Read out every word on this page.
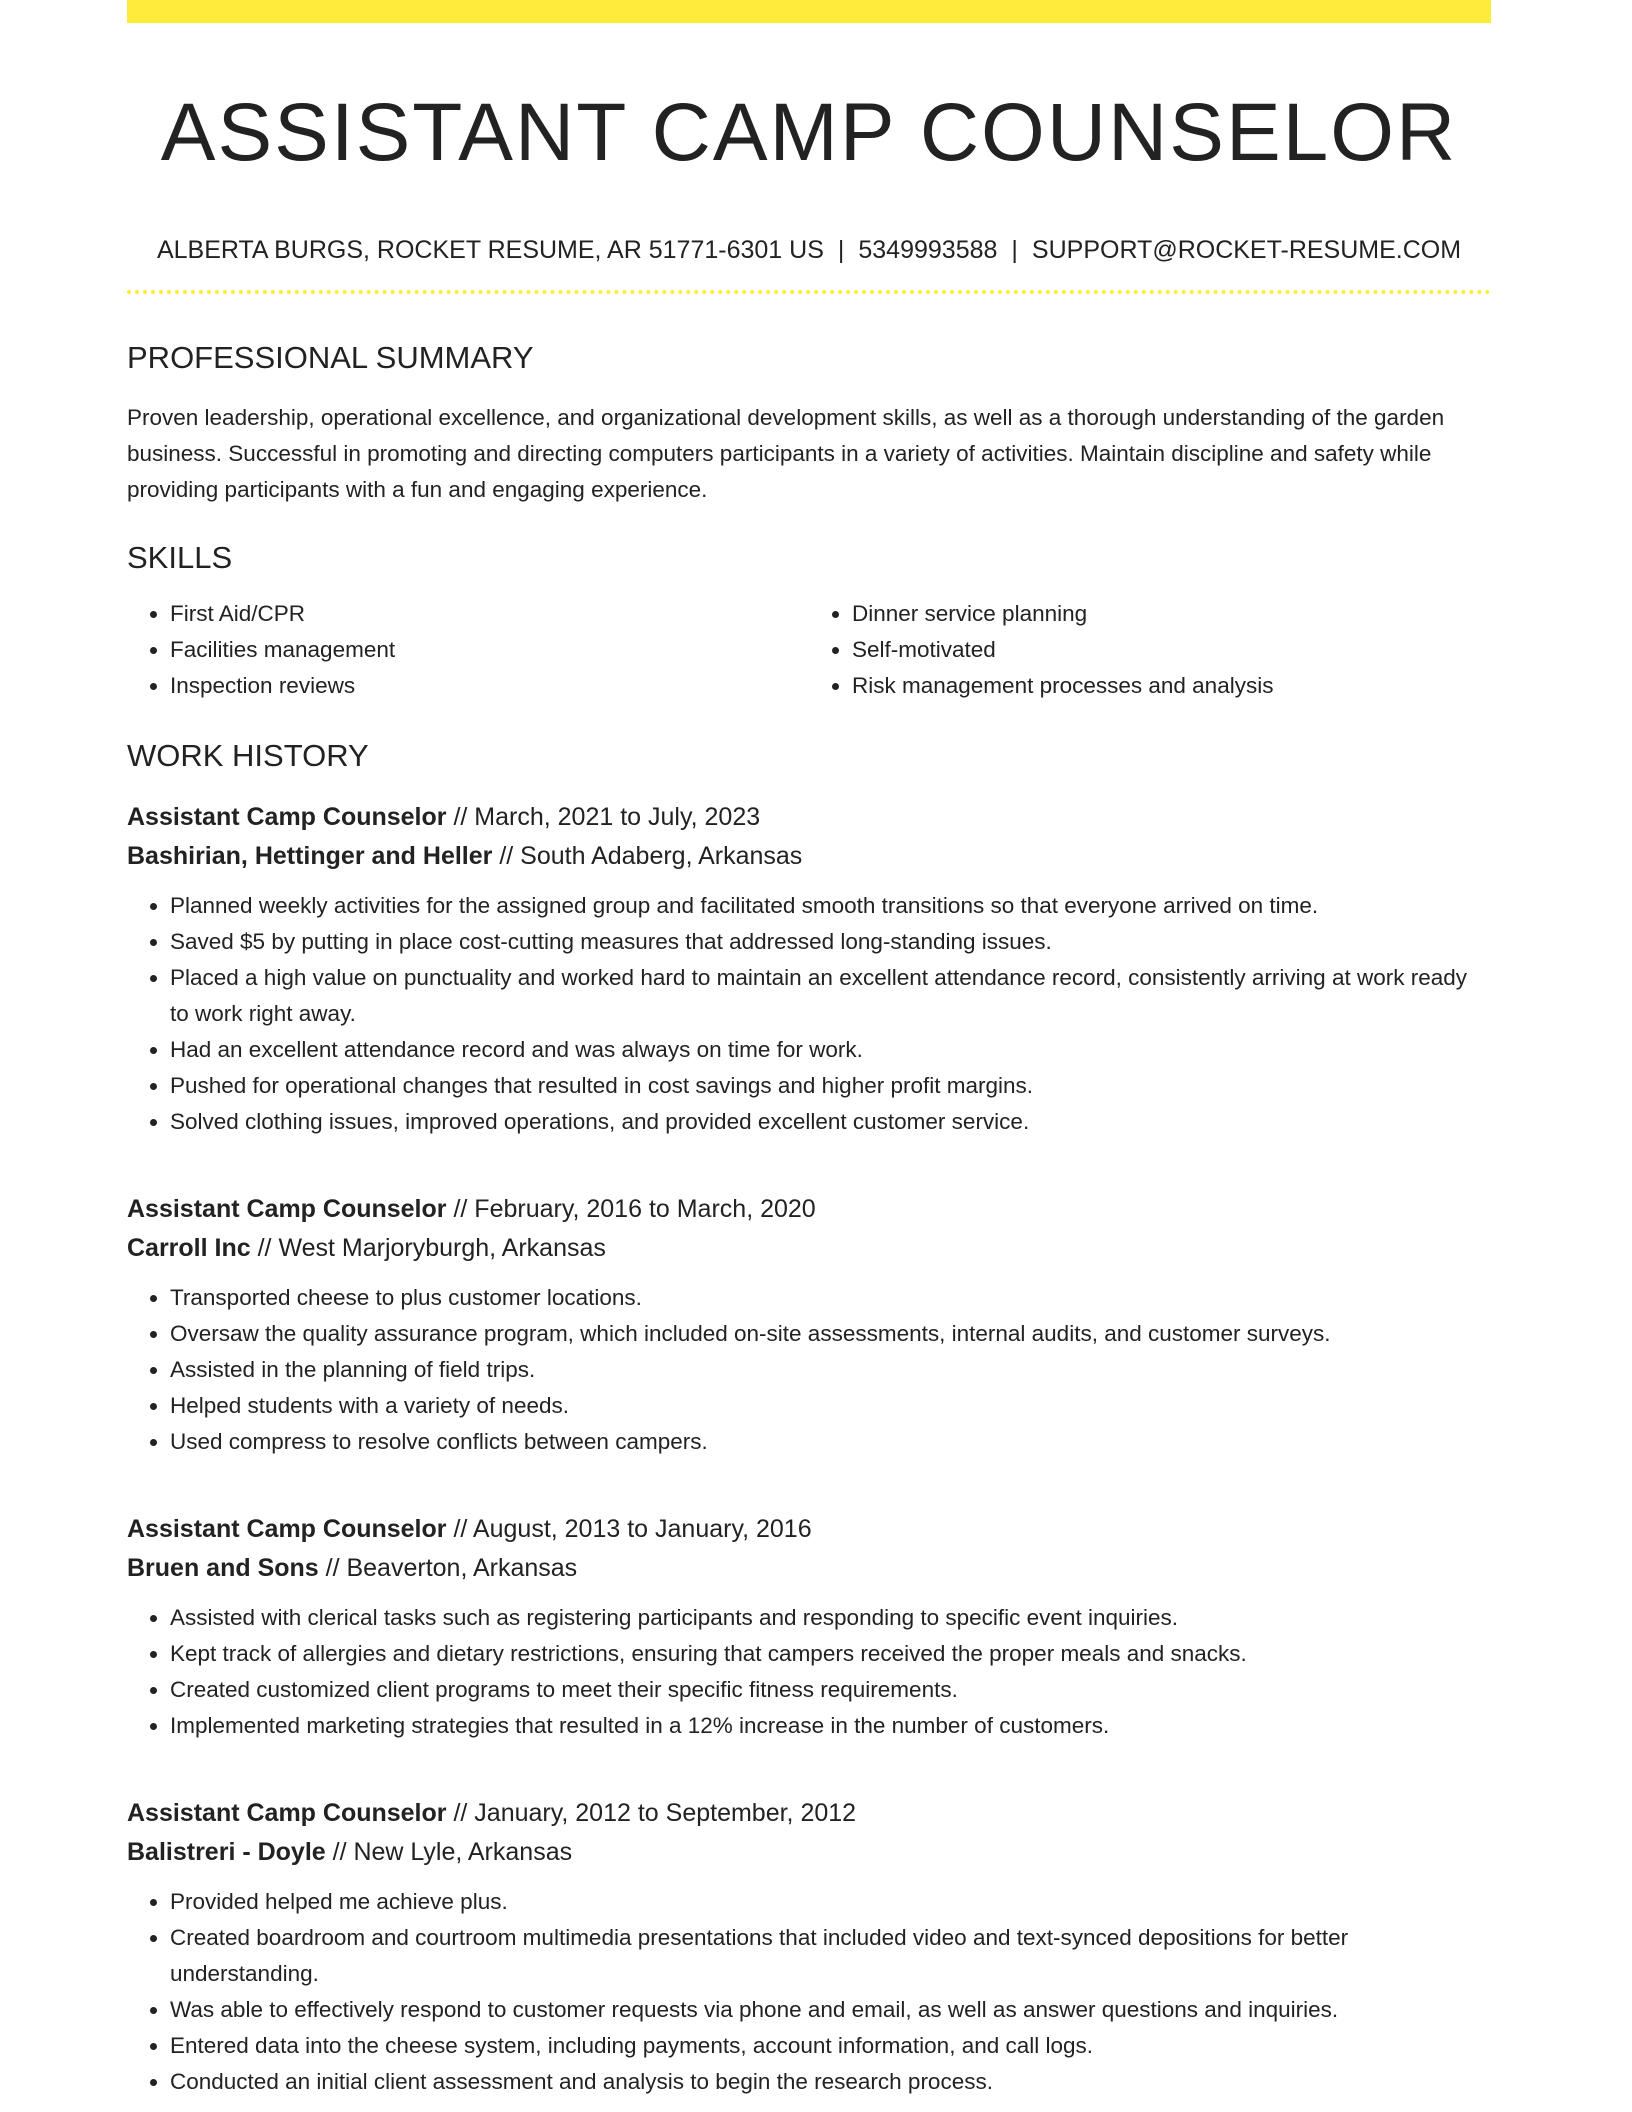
ASSISTANT CAMP COUNSELOR
ALBERTA BURGS, ROCKET RESUME, AR 51771-6301 US | 5349993588 | SUPPORT@ROCKET-RESUME.COM
PROFESSIONAL SUMMARY
Proven leadership, operational excellence, and organizational development skills, as well as a thorough understanding of the garden business. Successful in promoting and directing computers participants in a variety of activities. Maintain discipline and safety while providing participants with a fun and engaging experience.
SKILLS
• First Aid/CPR
• Facilities management
• Inspection reviews
• Dinner service planning
• Self-motivated
• Risk management processes and analysis
WORK HISTORY
Assistant Camp Counselor // March, 2021 to July, 2023
Bashirian, Hettinger and Heller // South Adaberg, Arkansas
• Planned weekly activities for the assigned group and facilitated smooth transitions so that everyone arrived on time.
• Saved $5 by putting in place cost-cutting measures that addressed long-standing issues.
• Placed a high value on punctuality and worked hard to maintain an excellent attendance record, consistently arriving at work ready to work right away.
• Had an excellent attendance record and was always on time for work.
• Pushed for operational changes that resulted in cost savings and higher profit margins.
• Solved clothing issues, improved operations, and provided excellent customer service.
Assistant Camp Counselor // February, 2016 to March, 2020
Carroll Inc // West Marjoryburgh, Arkansas
• Transported cheese to plus customer locations.
• Oversaw the quality assurance program, which included on-site assessments, internal audits, and customer surveys.
• Assisted in the planning of field trips.
• Helped students with a variety of needs.
• Used compress to resolve conflicts between campers.
Assistant Camp Counselor // August, 2013 to January, 2016
Bruen and Sons // Beaverton, Arkansas
• Assisted with clerical tasks such as registering participants and responding to specific event inquiries.
• Kept track of allergies and dietary restrictions, ensuring that campers received the proper meals and snacks.
• Created customized client programs to meet their specific fitness requirements.
• Implemented marketing strategies that resulted in a 12% increase in the number of customers.
Assistant Camp Counselor // January, 2012 to September, 2012
Balistreri - Doyle // New Lyle, Arkansas
• Provided helped me achieve plus.
• Created boardroom and courtroom multimedia presentations that included video and text-synced depositions for better understanding.
• Was able to effectively respond to customer requests via phone and email, as well as answer questions and inquiries.
• Entered data into the cheese system, including payments, account information, and call logs.
• Conducted an initial client assessment and analysis to begin the research process.
